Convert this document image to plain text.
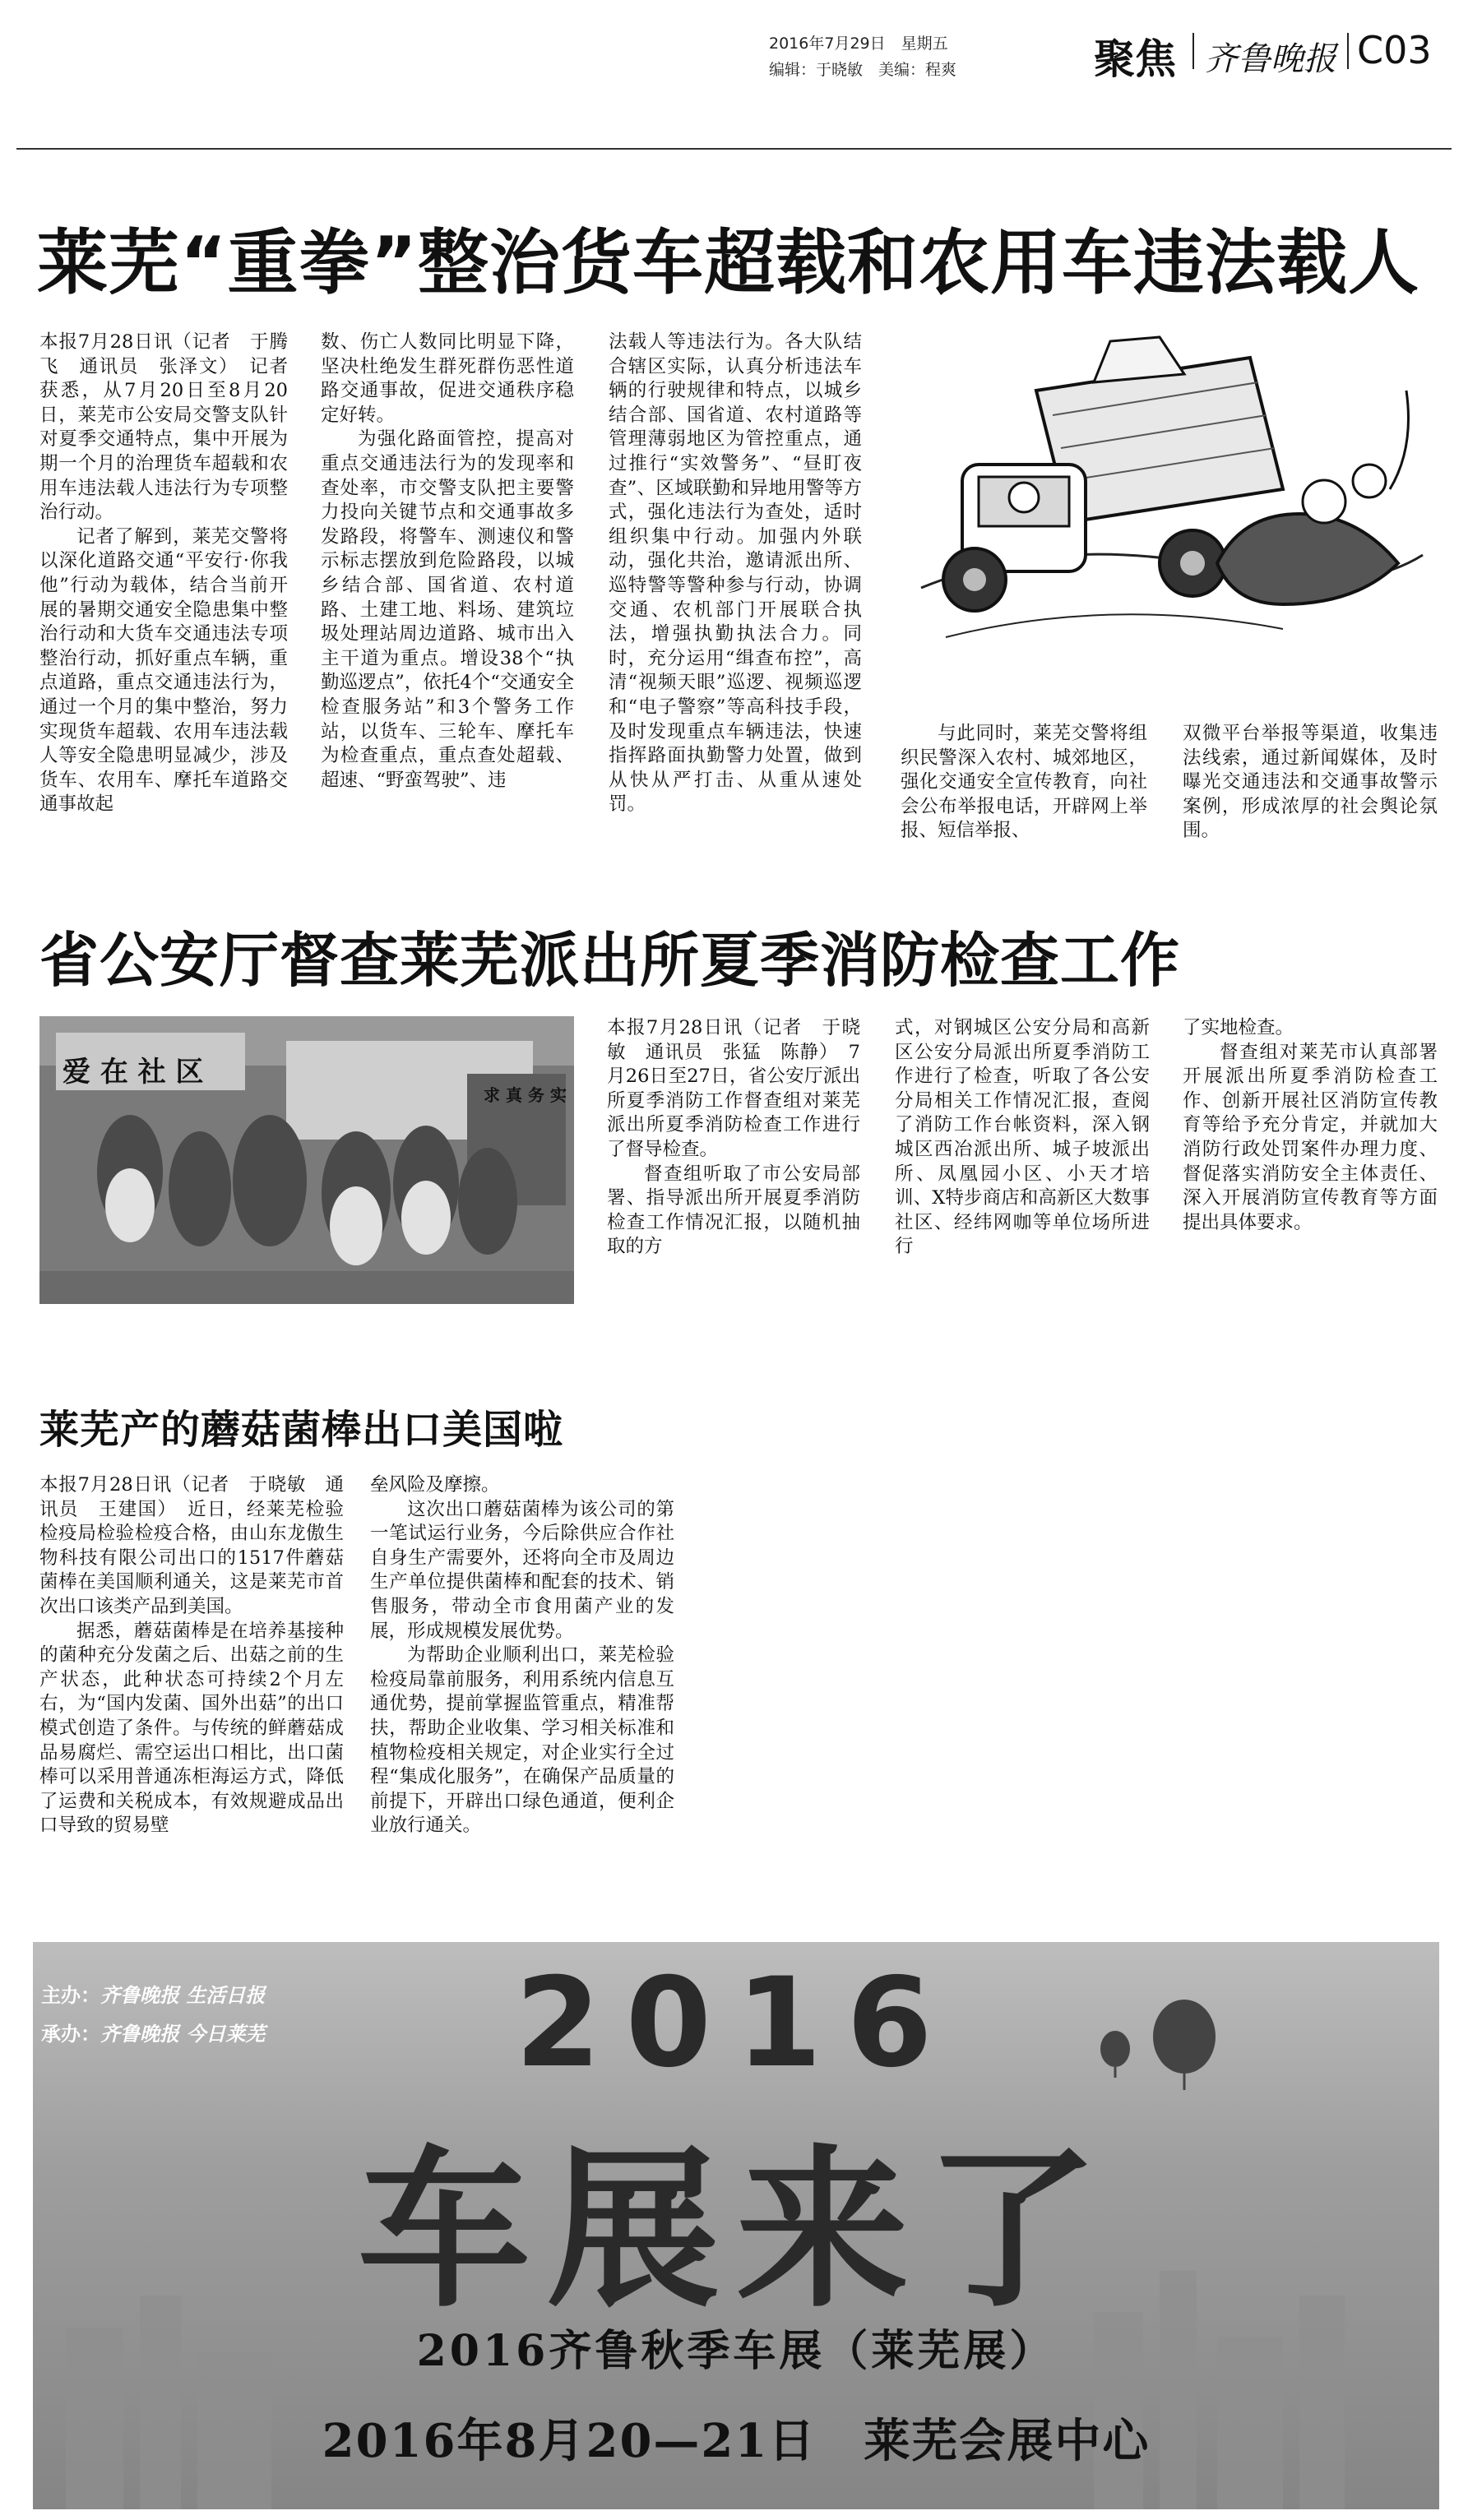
2016年7月29日　星期五
编辑：于晓敏　美编：程爽	聚焦 齐鲁晚报 C03
莱芜“重拳”整治货车超载和农用车违法载人

本报7月28日讯（记者　于腾飞　通讯员　张泽文）　记者获悉，从7月20日至8月20日，莱芜市公安局交警支队针对夏季交通特点，集中开展为期一个月的治理货车超载和农用车违法载人违法行为专项整治行动。

记者了解到，莱芜交警将以深化道路交通“平安行·你我他”行动为载体，结合当前开展的暑期交通安全隐患集中整治行动和大货车交通违法专项整治行动，抓好重点车辆，重点道路，重点交通违法行为，通过一个月的集中整治，努力实现货车超载、农用车违法载人等安全隐患明显减少，涉及货车、农用车、摩托车道路交通事故起

数、伤亡人数同比明显下降，坚决杜绝发生群死群伤恶性道路交通事故，促进交通秩序稳定好转。

为强化路面管控，提高对重点交通违法行为的发现率和查处率，市交警支队把主要警力投向关键节点和交通事故多发路段，将警车、测速仪和警示标志摆放到危险路段，以城乡结合部、国省道、农村道路、土建工地、料场、建筑垃圾处理站周边道路、城市出入主干道为重点。增设38个“执勤巡逻点”，依托4个“交通安全检查服务站”和3个警务工作站，以货车、三轮车、摩托车为检查重点，重点查处超载、超速、“野蛮驾驶”、违

法载人等违法行为。各大队结合辖区实际，认真分析违法车辆的行驶规律和特点，以城乡结合部、国省道、农村道路等管理薄弱地区为管控重点，通过推行“实效警务”、“昼盯夜查”、区域联勤和异地用警等方式，强化违法行为查处，适时组织集中行动。加强内外联动，强化共治，邀请派出所、巡特警等警种参与行动，协调交通、农机部门开展联合执法，增强执勤执法合力。同时，充分运用“缉查布控”，高清“视频天眼”巡逻、视频巡逻和“电子警察”等高科技手段，及时发现重点车辆违法，快速指挥路面执勤警力处置，做到从快从严打击、从重从速处罚。

与此同时，莱芜交警将组织民警深入农村、城郊地区，强化交通安全宣传教育，向社会公布举报电话，开辟网上举报、短信举报、

双微平台举报等渠道，收集违法线索，通过新闻媒体，及时曝光交通违法和交通事故警示案例，形成浓厚的社会舆论氛围。

省公安厅督查莱芜派出所夏季消防检查工作
爱 在 社 区
求 真 务 实

本报7月28日讯（记者　于晓敏　通讯员　张猛　陈静）　7月26日至27日，省公安厅派出所夏季消防工作督查组对莱芜派出所夏季消防检查工作进行了督导检查。

督查组听取了市公安局部署、指导派出所开展夏季消防检查工作情况汇报，以随机抽取的方

式，对钢城区公安分局和高新区公安分局派出所夏季消防工作进行了检查，听取了各公安分局相关工作情况汇报，查阅了消防工作台帐资料，深入钢城区西冶派出所、城子坡派出所、凤凰园小区、小天才培训、X特步商店和高新区大数事社区、经纬网咖等单位场所进行

了实地检查。

督查组对莱芜市认真部署开展派出所夏季消防检查工作、创新开展社区消防宣传教育等给予充分肯定，并就加大消防行政处罚案件办理力度、督促落实消防安全主体责任、深入开展消防宣传教育等方面提出具体要求。

莱芜产的蘑菇菌棒出口美国啦

本报7月28日讯（记者　于晓敏　通讯员　王建国）　近日，经莱芜检验检疫局检验检疫合格，由山东龙傲生物科技有限公司出口的1517件蘑菇菌棒在美国顺利通关，这是莱芜市首次出口该类产品到美国。

据悉，蘑菇菌棒是在培养基接种的菌种充分发菌之后、出菇之前的生产状态，此种状态可持续2个月左右，为“国内发菌、国外出菇”的出口模式创造了条件。与传统的鲜蘑菇成品易腐烂、需空运出口相比，出口菌棒可以采用普通冻柜海运方式，降低了运费和关税成本，有效规避成品出口导致的贸易壁

垒风险及摩擦。

这次出口蘑菇菌棒为该公司的第一笔试运行业务，今后除供应合作社自身生产需要外，还将向全市及周边生产单位提供菌棒和配套的技术、销售服务，带动全市食用菌产业的发展，形成规模发展优势。

为帮助企业顺利出口，莱芜检验检疫局靠前服务，利用系统内信息互通优势，提前掌握监管重点，精准帮扶，帮助企业收集、学习相关标准和植物检疫相关规定，对企业实行全过程“集成化服务”，在确保产品质量的前提下，开辟出口绿色通道，便利企业放行通关。

主办： 齐鲁晚报 生活日报
承办： 齐鲁晚报 今日莱芜	2016
车展来了
2016齐鲁秋季车展（莱芜展）
2016年8月20—21日　莱芜会展中心
